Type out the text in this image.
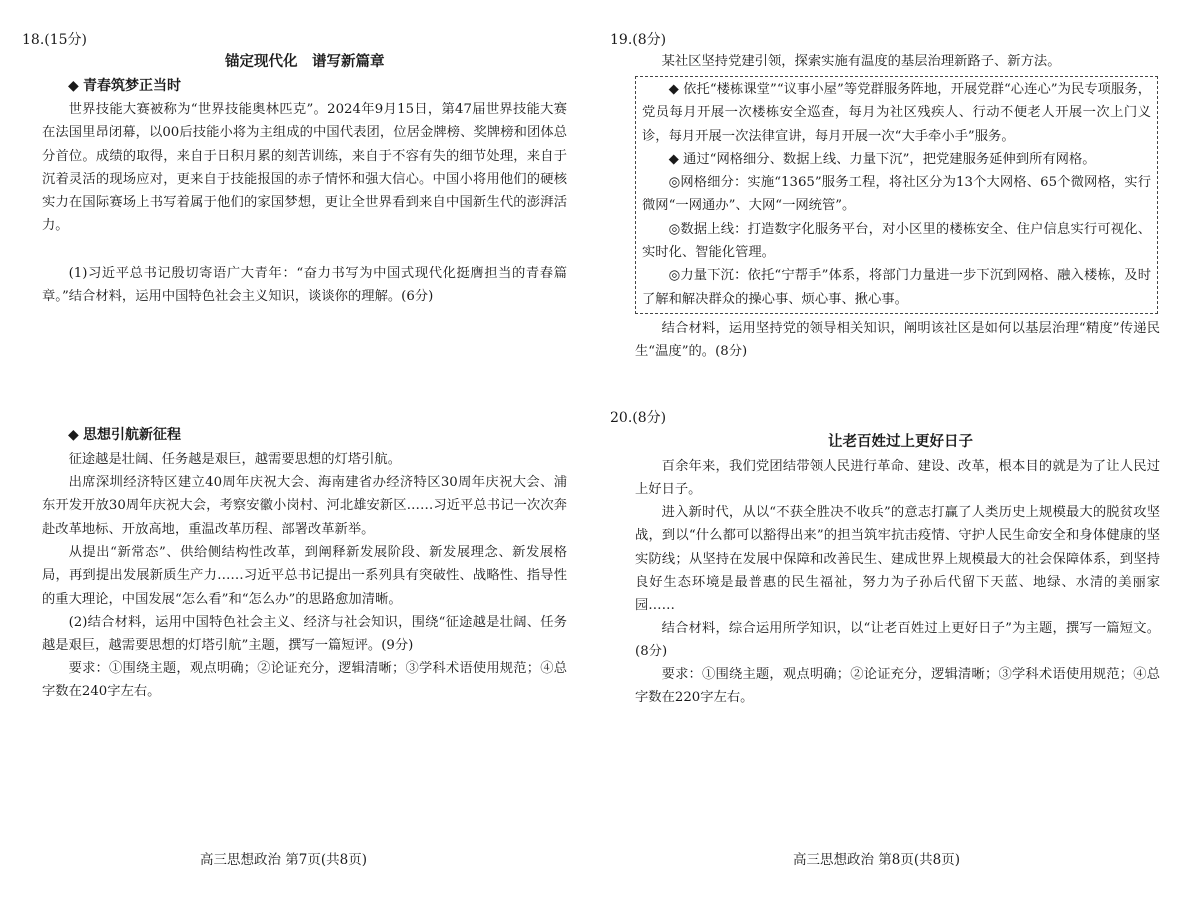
18.(15分)
锚定现代化　谱写新篇章
◆ 青春筑梦正当时

世界技能大赛被称为“世界技能奥林匹克”。2024年9月15日，第47届世界技能大赛在法国里昂闭幕，以00后技能小将为主组成的中国代表团，位居金牌榜、奖牌榜和团体总分首位。成绩的取得，来自于日积月累的刻苦训练，来自于不容有失的细节处理，来自于沉着灵活的现场应对，更来自于技能报国的赤子情怀和强大信心。中国小将用他们的硬核实力在国际赛场上书写着属于他们的家国梦想，更让全世界看到来自中国新生代的澎湃活力。

(1)习近平总书记殷切寄语广大青年：“奋力书写为中国式现代化挺膺担当的青春篇章。”结合材料，运用中国特色社会主义知识，谈谈你的理解。(6分)

◆ 思想引航新征程

征途越是壮阔、任务越是艰巨，越需要思想的灯塔引航。

出席深圳经济特区建立40周年庆祝大会、海南建省办经济特区30周年庆祝大会、浦东开发开放30周年庆祝大会，考察安徽小岗村、河北雄安新区……习近平总书记一次次奔赴改革地标、开放高地，重温改革历程、部署改革新举。

从提出“新常态”、供给侧结构性改革，到阐释新发展阶段、新发展理念、新发展格局，再到提出发展新质生产力……习近平总书记提出一系列具有突破性、战略性、指导性的重大理论，中国发展“怎么看”和“怎么办”的思路愈加清晰。

(2)结合材料，运用中国特色社会主义、经济与社会知识，围绕“征途越是壮阔、任务越是艰巨，越需要思想的灯塔引航”主题，撰写一篇短评。(9分)

要求：①围绕主题，观点明确；②论证充分，逻辑清晰；③学科术语使用规范；④总字数在240字左右。

高三思想政治 第7页(共8页)
19.(8分)

某社区坚持党建引领，探索实施有温度的基层治理新路子、新方法。

◆ 依托“楼栋课堂”“议事小屋”等党群服务阵地，开展党群“心连心”为民专项服务，党员每月开展一次楼栋安全巡查，每月为社区残疾人、行动不便老人开展一次上门义诊，每月开展一次法律宣讲，每月开展一次“大手牵小手”服务。

◆ 通过“网格细分、数据上线、力量下沉”，把党建服务延伸到所有网格。

◎网格细分：实施“1365”服务工程，将社区分为13个大网格、65个微网格，实行微网“一网通办”、大网“一网统管”。

◎数据上线：打造数字化服务平台，对小区里的楼栋安全、住户信息实行可视化、实时化、智能化管理。

◎力量下沉：依托“宁帮手”体系，将部门力量进一步下沉到网格、融入楼栋，及时了解和解决群众的操心事、烦心事、揪心事。

结合材料，运用坚持党的领导相关知识，阐明该社区是如何以基层治理“精度”传递民生“温度”的。(8分)

20.(8分)
让老百姓过上更好日子

百余年来，我们党团结带领人民进行革命、建设、改革，根本目的就是为了让人民过上好日子。

进入新时代，从以“不获全胜决不收兵”的意志打赢了人类历史上规模最大的脱贫攻坚战，到以“什么都可以豁得出来”的担当筑牢抗击疫情、守护人民生命安全和身体健康的坚实防线；从坚持在发展中保障和改善民生、建成世界上规模最大的社会保障体系，到坚持良好生态环境是最普惠的民生福祉，努力为子孙后代留下天蓝、地绿、水清的美丽家园……

结合材料，综合运用所学知识，以“让老百姓过上更好日子”为主题，撰写一篇短文。(8分)

要求：①围绕主题，观点明确；②论证充分，逻辑清晰；③学科术语使用规范；④总字数在220字左右。

高三思想政治 第8页(共8页)
